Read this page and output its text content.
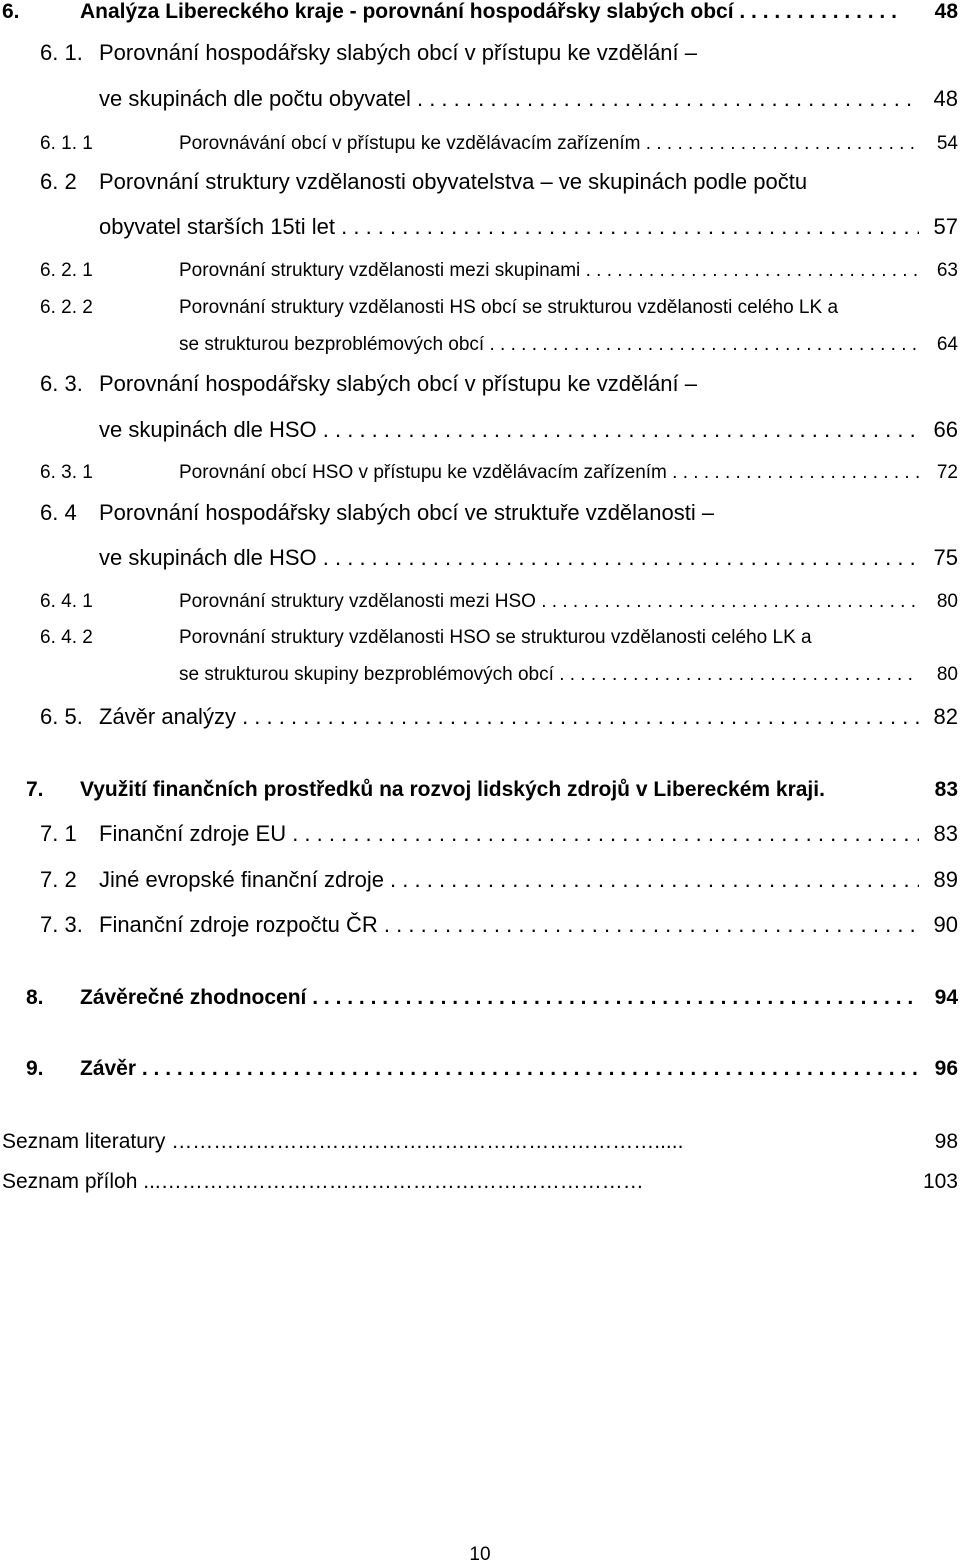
6.	Analýza Libereckého kraje - porovnání hospodářsky slabých obcí . . .	48
6. 1. Porovnání hospodářsky slabých obcí v přístupu ke vzdělání –
ve skupinách dle počtu obyvatel . . .	48
6. 1. 1	Porovnávání obcí v přístupu ke vzdělávacím zařízením . . .	54
6. 2 Porovnání struktury vzdělanosti obyvatelstva – ve skupinách podle počtu
obyvatel starších 15ti let . . .	57
6. 2. 1	Porovnání struktury vzdělanosti mezi skupinami . . .	63
6. 2. 2	Porovnání struktury vzdělanosti HS obcí se strukturou vzdělanosti celého LK a
se strukturou bezproblémových obcí . . .	64
6. 3. Porovnání hospodářsky slabých obcí v přístupu ke vzdělání –
ve skupinách dle HSO . . .	66
6. 3. 1	Porovnání obcí HSO v přístupu ke vzdělávacím zařízením . . .	72
6. 4 Porovnání hospodářsky slabých obcí ve struktuře vzdělanosti –
ve skupinách dle HSO . . .	75
6. 4. 1	Porovnání struktury vzdělanosti mezi HSO . . .	80
6. 4. 2	Porovnání struktury vzdělanosti HSO se strukturou vzdělanosti celého LK a
se strukturou skupiny bezproblémových obcí . . .	80
6. 5. Závěr analýzy . . .	82
7. Využití finančních prostředků na rozvoj lidských zdrojů v Libereckém kraji.	83
7. 1 Finanční zdroje EU . . .	83
7. 2 Jiné evropské finanční zdroje . . .	89
7. 3. Finanční zdroje rozpočtu ČR . . .	90
8. Závěrečné zhodnocení . . .	94
9. Závěr . . .	96
Seznam literatury …………………………………………………………….....	98
Seznam příloh ...……………………………………………………………	103
10
